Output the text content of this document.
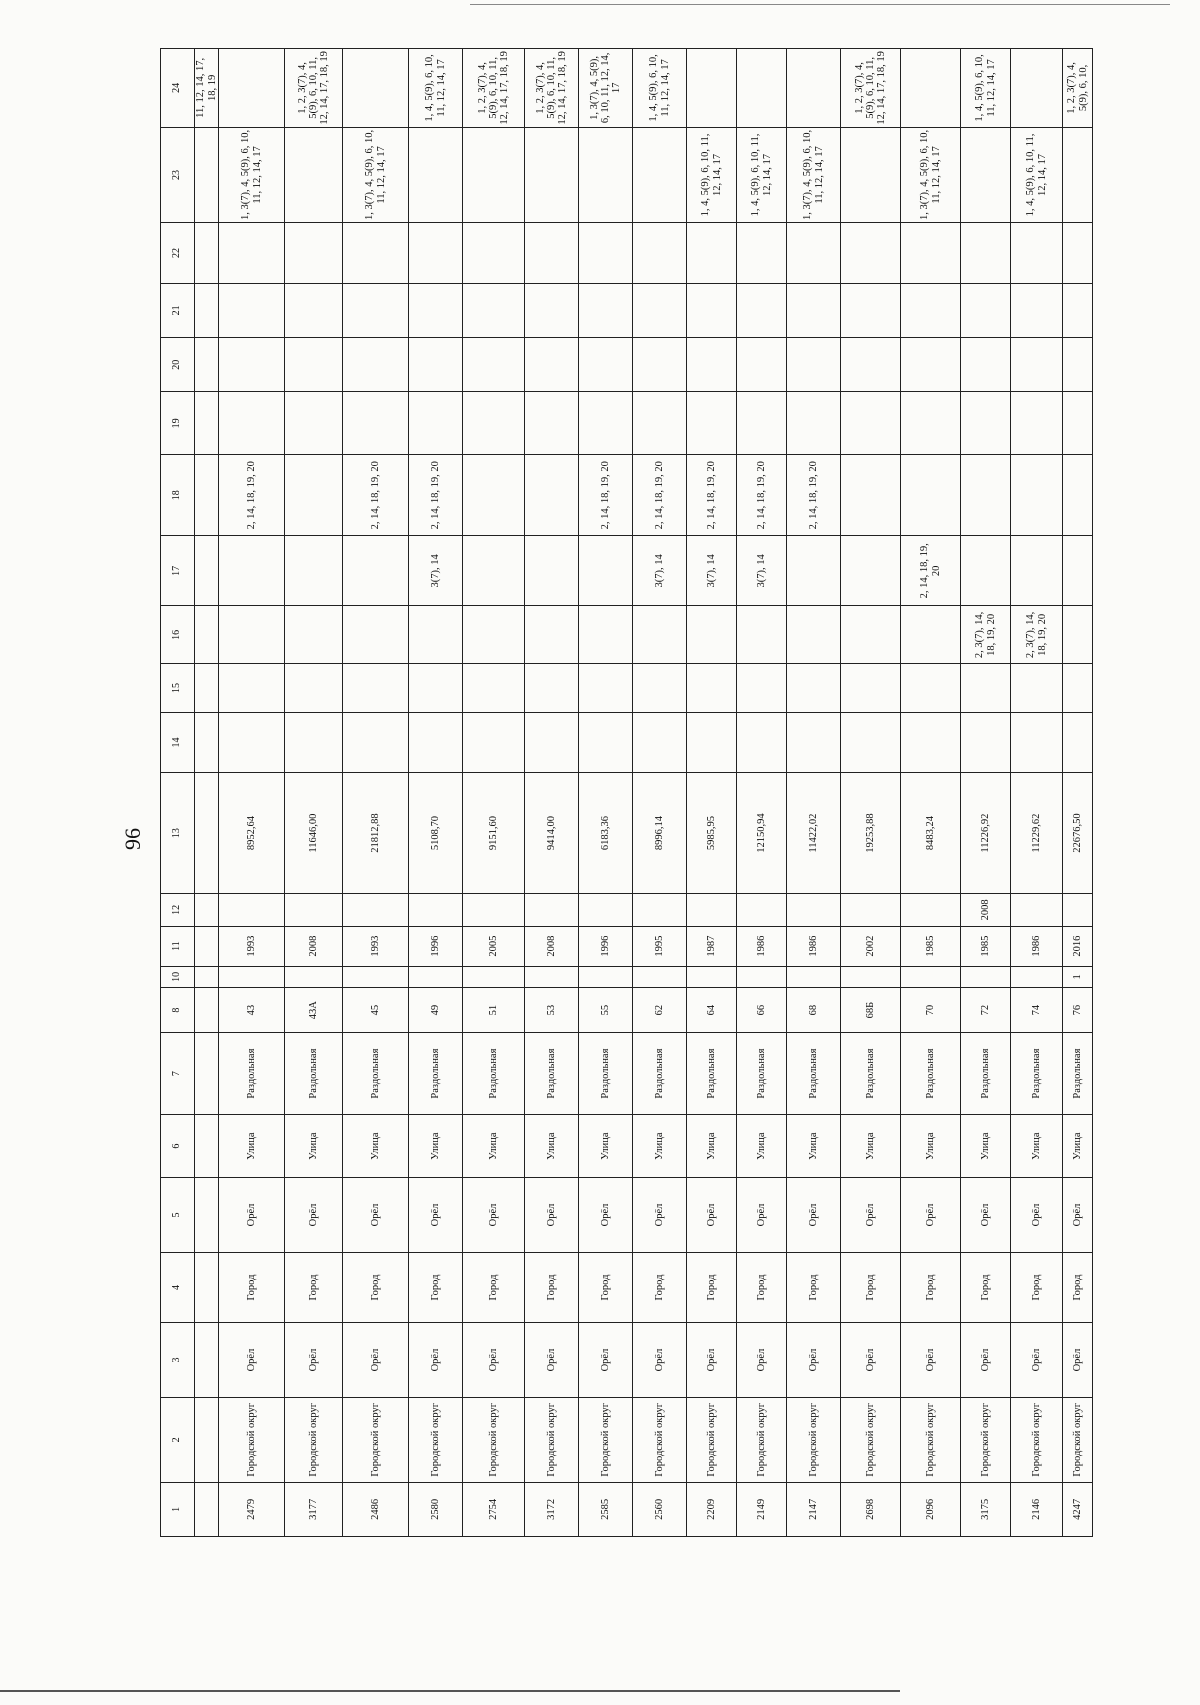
96
1	2	3	4	5	6	7	8	10	11	12	13	14	15	16	17	18	19	20	21	22	23	24
																						11, 12, 14, 17, 18, 19
2479	Городской округ	Орёл	Город	Орёл	Улица	Раздольная	43		1993		8952,64					2, 14, 18, 19, 20					1, 3(7), 4, 5(9), 6, 10, 11, 12, 14, 17	
3177	Городской округ	Орёл	Город	Орёл	Улица	Раздольная	43А		2008		11646,00											1, 2, 3(7), 4, 5(9), 6, 10, 11, 12, 14, 17, 18, 19
2486	Городской округ	Орёл	Город	Орёл	Улица	Раздольная	45		1993		21812,88					2, 14, 18, 19, 20					1, 3(7), 4, 5(9), 6, 10, 11, 12, 14, 17	
2580	Городской округ	Орёл	Город	Орёл	Улица	Раздольная	49		1996		5108,70				3(7), 14	2, 14, 18, 19, 20						1, 4, 5(9), 6, 10, 11, 12, 14, 17
2754	Городской округ	Орёл	Город	Орёл	Улица	Раздольная	51		2005		9151,60											1, 2, 3(7), 4, 5(9), 6, 10, 11, 12, 14, 17, 18, 19
3172	Городской округ	Орёл	Город	Орёл	Улица	Раздольная	53		2008		9414,00											1, 2, 3(7), 4, 5(9), 6, 10, 11, 12, 14, 17, 18, 19
2585	Городской округ	Орёл	Город	Орёл	Улица	Раздольная	55		1996		6183,36					2, 14, 18, 19, 20						1, 3(7), 4, 5(9), 6, 10, 11, 12, 14, 17
2560	Городской округ	Орёл	Город	Орёл	Улица	Раздольная	62		1995		8996,14				3(7), 14	2, 14, 18, 19, 20						1, 4, 5(9), 6, 10, 11, 12, 14, 17
2209	Городской округ	Орёл	Город	Орёл	Улица	Раздольная	64		1987		5985,95				3(7), 14	2, 14, 18, 19, 20					1, 4, 5(9), 6, 10, 11, 12, 14, 17	
2149	Городской округ	Орёл	Город	Орёл	Улица	Раздольная	66		1986		12150,94				3(7), 14	2, 14, 18, 19, 20					1, 4, 5(9), 6, 10, 11, 12, 14, 17	
2147	Городской округ	Орёл	Город	Орёл	Улица	Раздольная	68		1986		11422,02					2, 14, 18, 19, 20					1, 3(7), 4, 5(9), 6, 10, 11, 12, 14, 17	
2698	Городской округ	Орёл	Город	Орёл	Улица	Раздольная	68Б		2002		19253,88											1, 2, 3(7), 4, 5(9), 6, 10, 11, 12, 14, 17, 18, 19
2096	Городской округ	Орёл	Город	Орёл	Улица	Раздольная	70		1985		8483,24				2, 14, 18, 19, 20						1, 3(7), 4, 5(9), 6, 10, 11, 12, 14, 17	
3175	Городской округ	Орёл	Город	Орёл	Улица	Раздольная	72		1985	2008	11226,92			2, 3(7), 14, 18, 19, 20								1, 4, 5(9), 6, 10, 11, 12, 14, 17
2146	Городской округ	Орёл	Город	Орёл	Улица	Раздольная	74		1986		11229,62			2, 3(7), 14, 18, 19, 20							1, 4, 5(9), 6, 10, 11, 12, 14, 17	
4247	Городской округ	Орёл	Город	Орёл	Улица	Раздольная	76	1	2016		22676,50											1, 2, 3(7), 4, 5(9), 6, 10,
